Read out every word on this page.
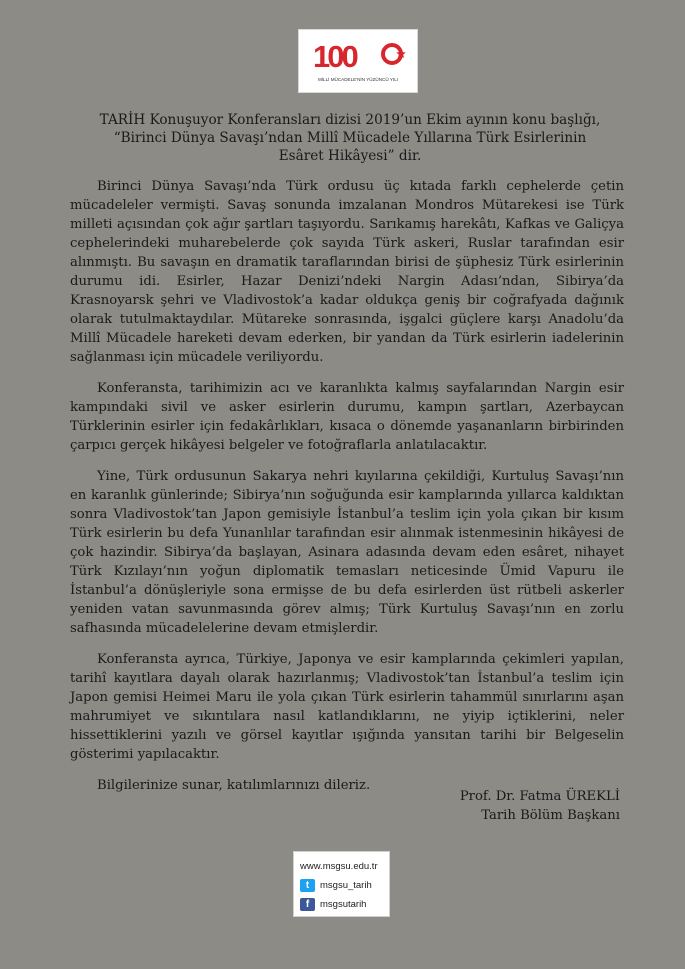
100
MİLLİ MÜCADELE'NİN YÜZÜNCÜ YILI
TARİH Konuşuyor Konferansları dizisi 2019’un Ekim ayının konu başlığı,
“Birinci Dünya Savaşı’ndan Millî Mücadele Yıllarına Türk Esirlerinin
Esâret Hikâyesi” dir.

Birinci Dünya Savaşı’nda Türk ordusu üç kıtada farklı cephelerde çetin mücadeleler vermişti. Savaş sonunda imzalanan Mondros Mütarekesi ise Türk milleti açısından çok ağır şartları taşıyordu. Sarıkamış harekâtı, Kafkas ve Galiçya cephelerindeki muharebelerde çok sayıda Türk askeri, Ruslar tarafından esir alınmıştı. Bu savaşın en dramatik taraflarından birisi de şüphesiz Türk esirlerinin durumu idi. Esirler, Hazar Denizi’ndeki Nargin Adası’ndan, Sibirya’da Krasnoyarsk şehri ve Vladivostok’a kadar oldukça geniş bir coğrafyada dağınık olarak tutulmaktaydılar. Mütareke sonrasında, işgalci güçlere karşı Anadolu’da Millî Mücadele hareketi devam ederken, bir yandan da Türk esirlerin iadelerinin sağlanması için mücadele veriliyordu.

Konferansta, tarihimizin acı ve karanlıkta kalmış sayfalarından Nargin esir kampındaki sivil ve asker esirlerin durumu, kampın şartları, Azerbaycan Türklerinin esirler için fedakârlıkları, kısaca o dönemde yaşananların birbirinden çarpıcı gerçek hikâyesi belgeler ve fotoğraflarla anlatılacaktır.

Yine, Türk ordusunun Sakarya nehri kıyılarına çekildiği, Kurtuluş Savaşı’nın en karanlık günlerinde; Sibirya’nın soğuğunda esir kamplarında yıllarca kaldıktan sonra Vladivostok’tan Japon gemisiyle İstanbul’a teslim için yola çıkan bir kısım Türk esirlerin bu defa Yunanlılar tarafından esir alınmak istenmesinin hikâyesi de çok hazindir. Sibirya’da başlayan, Asinara adasında devam eden esâret, nihayet Türk Kızılayı’nın yoğun diplomatik temasları neticesinde Ümid Vapuru ile İstanbul’a dönüşleriyle sona ermişse de bu defa esirlerden üst rütbeli askerler yeniden vatan savunmasında görev almış; Türk Kurtuluş Savaşı’nın en zorlu safhasında mücadelelerine devam etmişlerdir.

Konferansta ayrıca, Türkiye, Japonya ve esir kamplarında çekimleri yapılan, tarihî kayıtlara dayalı olarak hazırlanmış; Vladivostok’tan İstanbul’a teslim için Japon gemisi Heimei Maru ile yola çıkan Türk esirlerin tahammül sınırlarını aşan mahrumiyet ve sıkıntılara nasıl katlandıklarını, ne yiyip içtiklerini, neler hissettiklerini yazılı ve görsel kayıtlar ışığında yansıtan tarihi bir Belgeselin gösterimi yapılacaktır.

Bilgilerinize sunar, katılımlarınızı dileriz.

Prof. Dr. Fatma ÜREKLİ
Tarih Bölüm Başkanı
www.msgsu.edu.tr
t	msgsu_tarih
f	msgsutarih
